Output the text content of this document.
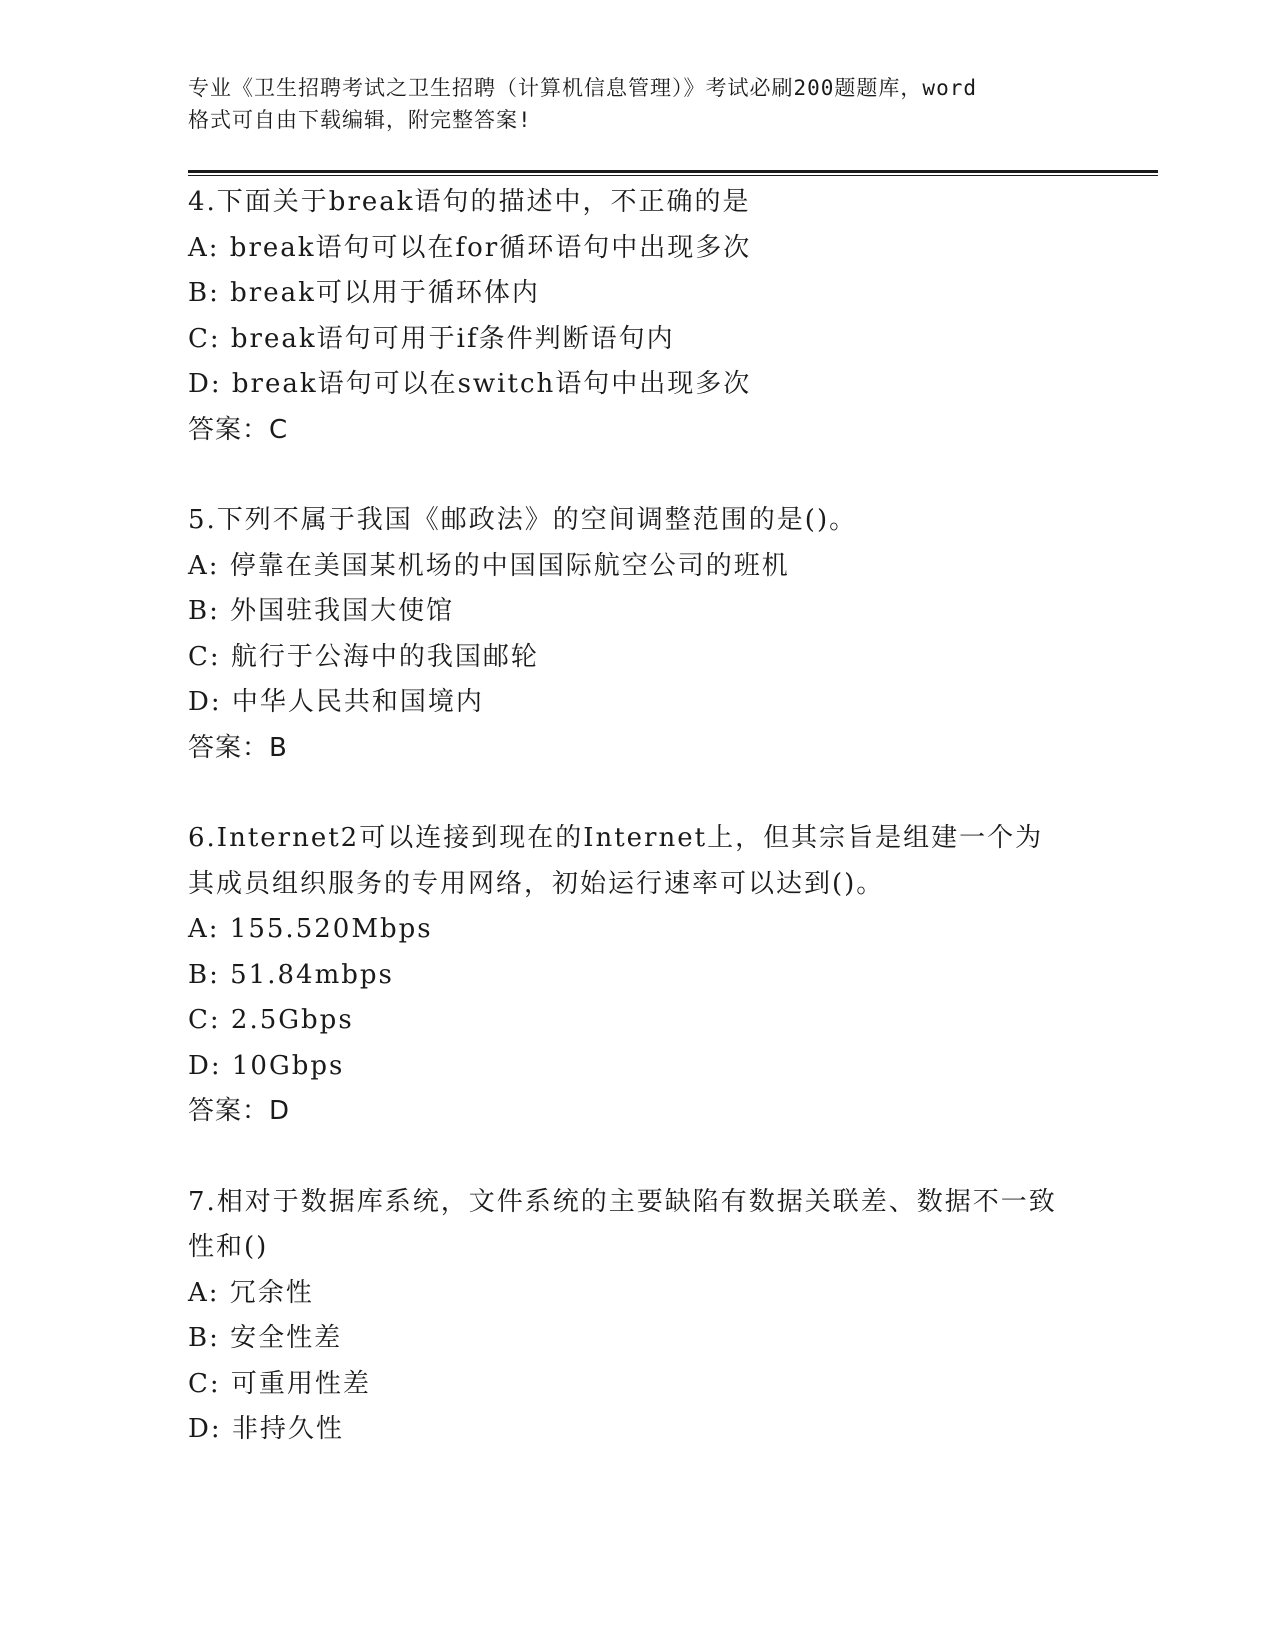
专业《卫生招聘考试之卫生招聘（计算机信息管理）》考试必刷200题题库，word
格式可自由下载编辑，附完整答案!
4.下面关于break语句的描述中，不正确的是
A: break语句可以在for循环语句中出现多次
B: break可以用于循环体内
C: break语句可用于if条件判断语句内
D: break语句可以在switch语句中出现多次
答案：C
5.下列不属于我国《邮政法》的空间调整范围的是()。
A: 停靠在美国某机场的中国国际航空公司的班机
B: 外国驻我国大使馆
C: 航行于公海中的我国邮轮
D: 中华人民共和国境内
答案：B
6.Internet2可以连接到现在的Internet上，但其宗旨是组建一个为其成员组织服务的专用网络，初始运行速率可以达到()。
A: 155.520Mbps
B: 51.84mbps
C: 2.5Gbps
D: 10Gbps
答案：D
7.相对于数据库系统，文件系统的主要缺陷有数据关联差、数据不一致性和()
A: 冗余性
B: 安全性差
C: 可重用性差
D: 非持久性
